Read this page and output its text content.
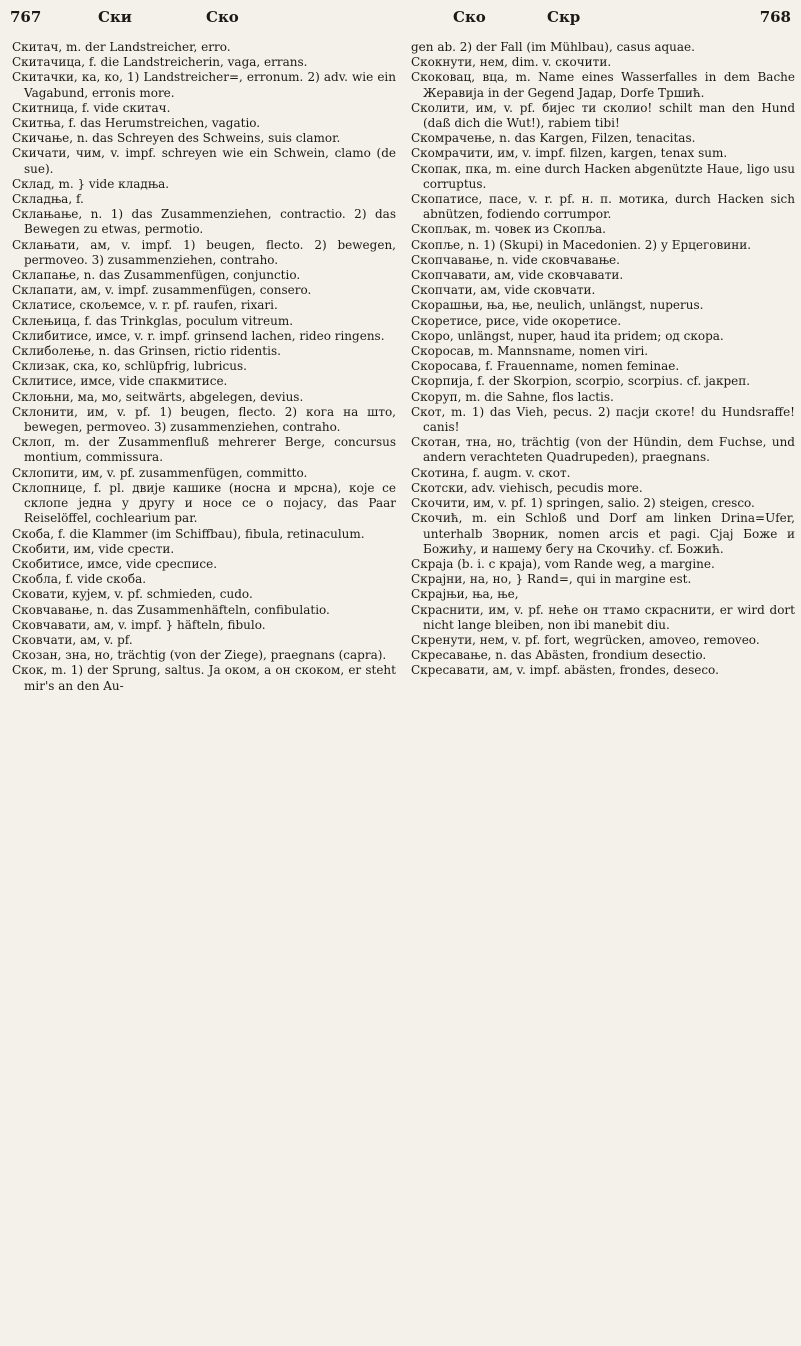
767	Ски	Ско	Ско	Скр	768

Скитач, m. der Landstreicher, erro.

Скитачица, f. die Landstreicherin, vaga, errans.

Скитачки, ка, ко, 1) Landstreicher=, erronum. 2) adv. wie ein Vagabund, erronis more.

Скитница, f. vide скитач.

Скитња, f. das Herumstreichen, vagatio.

Скичање, n. das Schreyen des Schweins, suis clamor.

Скичати, чим, v. impf. schreyen wie ein Schwein, clamo (de sue).

Склад, m. } vide кладња.

Складња, f.

Склањање, n. 1) das Zusammenziehen, contractio. 2) das Bewegen zu etwas, permotio.

Склањати, ам, v. impf. 1) beugen, flecto. 2) bewegen, permoveo. 3) zusammenziehen, contraho.

Склапање, n. das Zusammenfügen, conjunctio.

Склапати, ам, v. impf. zusammenfügen, consero.

Склатисе, скољемсе, v. r. pf. raufen, rixari.

Склењица, f. das Trinkglas, poculum vitreum.

Склибитисе, имсе, v. r. impf. grinsend lachen, rideo ringens.

Склиболење, n. das Grinsen, rictio ridentis.

Склизак, ска, ко, schlüpfrig, lubricus.

Склитисе, имсе, vide спакмитисе.

Склоњни, ма, мо, seitwärts, abgelegen, devius.

Склонити, им, v. pf. 1) beugen, flecto. 2) кога на што, bewegen, permoveo. 3) zusammenziehen, contraho.

Склоп, m. der Zusammenfluß mehrerer Berge, concursus montium, commissura.

Склопити, им, v. pf. zusammenfügen, committo.

Склопнице, f. pl. двије кашике (носна и мрсна), које се склопе једна у другу и носе се о појасу, das Paar Reiselöffel, cochlearium par.

Скоба, f. die Klammer (im Schiffbau), fibula, retinaculum.

Скобити, им, vide срести.

Скобитисе, имсе, vide сресписе.

Скобла, f. vide скоба.

Сковати, кујем, v. pf. schmieden, cudo.

Сковчавање, n. das Zusammenhäfteln, confibulatio.

Сковчавати, ам, v. impf. } häfteln, fibulo.

Сковчати, ам, v. pf.

Скозан, зна, но, trächtig (von der Ziege), praegnans (capra).

Скок, m. 1) der Sprung, saltus. Ја оком, а он скоком, er steht mir's an den Au-

gen ab. 2) der Fall (im Mühlbau), casus aquae.

Скокнути, нем, dim. v. скочити.

Скоковац, вца, m. Name eines Wasserfalles in dem Bache Жеравија in der Gegend Јадар, Dorfe Тршић.

Сколити, им, v. pf. бијес ти сколио! schilt man den Hund (daß dich die Wut!), rabiem tibi!

Скомрачење, n. das Kargen, Filzen, tenacitas.

Скомрачити, им, v. impf. filzen, kargen, tenax sum.

Скопак, пка, m. eine durch Hacken abgenützte Haue, ligo usu corruptus.

Скопатисе, пасе, v. r. pf. н. п. мотика, durch Hacken sich abnützen, fodiendo corrumpor.

Скопљак, m. човек из Скопља.

Скопље, n. 1) (Skupi) in Macedonien. 2) у Ерцеговини.

Скопчавање, n. vide сковчавање.

Скопчавати, ам, vide сковчавати.

Скопчати, ам, vide сковчати.

Скорашњи, ња, ње, neulich, unlängst, nuperus.

Скоретисе, рисе, vide окоретисе.

Скоро, unlängst, nuper, haud ita pridem; од скора.

Скоросав, m. Mannsname, nomen viri.

Скоросава, f. Frauenname, nomen feminae.

Скорпија, f. der Skorpion, scorpio, scorpius. cf. јакреп.

Скоруп, m. die Sahne, flos lactis.

Скот, m. 1) das Vieh, pecus. 2) пасји скоте! du Hundsraffe! canis!

Скотан, тна, но, trächtig (von der Hündin, dem Fuchse, und andern verachteten Quadrupeden), praegnans.

Скотина, f. augm. v. скот.

Скотски, adv. viehisch, pecudis more.

Скочити, им, v. pf. 1) springen, salio. 2) steigen, cresco.

Скочић, m. ein Schloß und Dorf am linken Drina=Ufer, unterhalb Зворник, nomen arcis et pagi. Сјај Боже и Божићу, и нашему бегу на Скочићу. cf. Божић.

Скраја (b. i. с краја), vom Rande weg, a margine.

Скрајни, на, но, } Rand=, qui in margine est.

Скрајњи, ња, ње,

Скраснити, им, v. pf. неће он ттамо скраснити, er wird dort nicht lange bleiben, non ibi manebit diu.

Скренути, нем, v. pf. fort, wegrücken, amoveo, removeo.

Скресавање, n. das Abästen, frondium desectio.

Скресавати, ам, v. impf. abästen, frondes, deseco.
